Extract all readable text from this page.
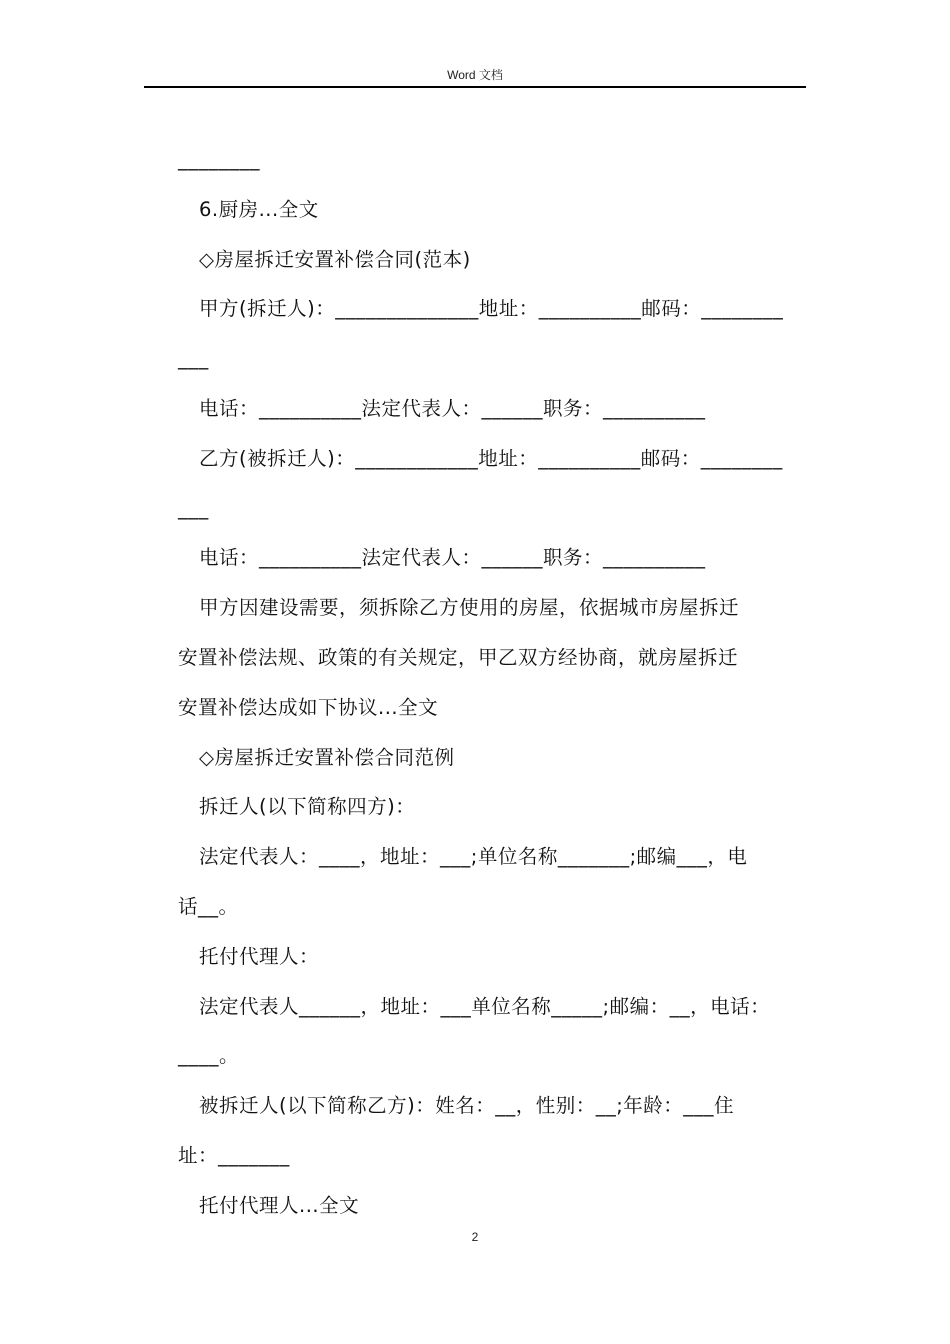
Word 文档
________
6.厨房...全文
◇房屋拆迁安置补偿合同(范本)
甲方(拆迁人)：______________地址：__________邮码：________
___
电话：__________法定代表人：______职务：__________
乙方(被拆迁人)：____________地址：__________邮码：________
___
电话：__________法定代表人：______职务：__________
甲方因建设需要，须拆除乙方使用的房屋，依据城市房屋拆迁
安置补偿法规、政策的有关规定，甲乙双方经协商，就房屋拆迁
安置补偿达成如下协议...全文
◇房屋拆迁安置补偿合同范例
拆迁人(以下简称四方)：
法定代表人：____，地址：___;单位名称_______;邮编___，电
话__。
托付代理人：
法定代表人______，地址：___单位名称_____;邮编：__，电话：
____。
被拆迁人(以下简称乙方)：姓名：__，性别：__;年龄：___住
址：_______
托付代理人...全文
2
